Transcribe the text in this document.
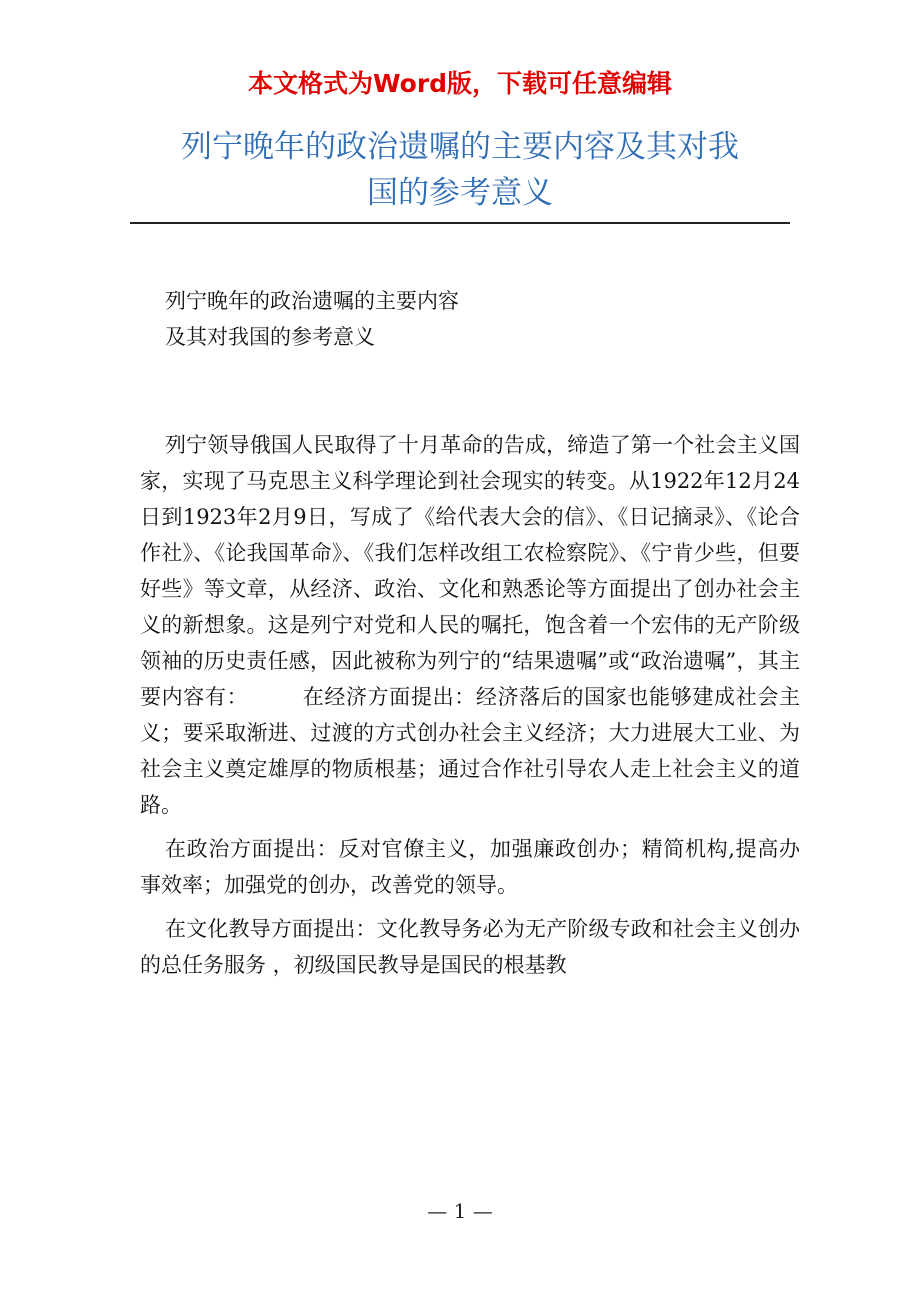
本文格式为Word版，下载可任意编辑
列宁晚年的政治遗嘱的主要内容及其对我
国的参考意义

列宁晚年的政治遗嘱的主要内容

及其对我国的参考意义

列宁领导俄国人民取得了十月革命的告成，缔造了第一个社会主义国家，实现了马克思主义科学理论到社会现实的转变。从1922年12月24日到1923年2月9日，写成了《给代表大会的信》、《日记摘录》、《论合作社》、《论我国革命》、《我们怎样改组工农检察院》、《宁肯少些，但要好些》等文章，从经济、政治、文化和熟悉论等方面提出了创办社会主义的新想象。这是列宁对党和人民的嘱托，饱含着一个宏伟的无产阶级领袖的历史责任感，因此被称为列宁的“结果遗嘱”或“政治遗嘱”，其主要内容有：　　　在经济方面提出：经济落后的国家也能够建成社会主义；要采取渐进、过渡的方式创办社会主义经济；大力进展大工业、为社会主义奠定雄厚的物质根基；通过合作社引导农人走上社会主义的道路。

在政治方面提出：反对官僚主义，加强廉政创办；精简机构,提高办事效率；加强党的创办，改善党的领导。

在文化教导方面提出：文化教导务必为无产阶级专政和社会主义创办的总任务服务 ，初级国民教导是国民的根基教

— 1 —
